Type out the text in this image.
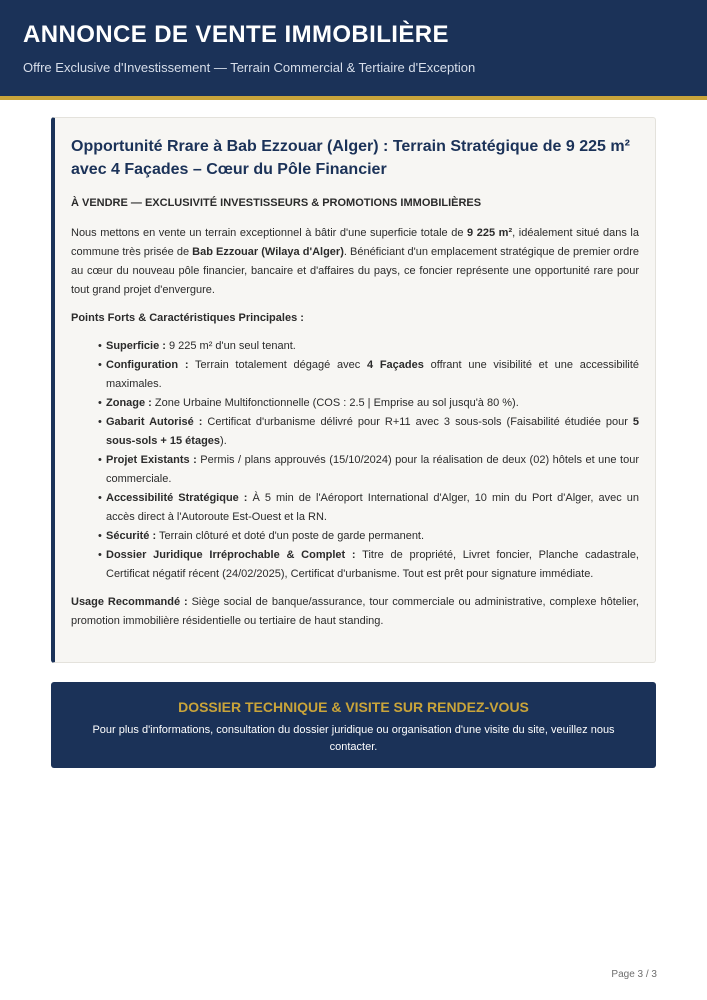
ANNONCE DE VENTE IMMOBILIÈRE
Offre Exclusive d'Investissement — Terrain Commercial & Tertiaire d'Exception
Opportunité Rrare à Bab Ezzouar (Alger) : Terrain Stratégique de 9 225 m² avec 4 Façades – Cœur du Pôle Financier
À VENDRE — EXCLUSIVITÉ INVESTISSEURS & PROMOTIONS IMMOBILIÈRES

Nous mettons en vente un terrain exceptionnel à bâtir d'une superficie totale de 9 225 m², idéalement situé dans la commune très prisée de Bab Ezzouar (Wilaya d'Alger). Bénéficiant d'un emplacement stratégique de premier ordre au cœur du nouveau pôle financier, bancaire et d'affaires du pays, ce foncier représente une opportunité rare pour tout grand projet d'envergure.

Points Forts & Caractéristiques Principales :
• Superficie : 9 225 m² d'un seul tenant.
• Configuration : Terrain totalement dégagé avec 4 Façades offrant une visibilité et une accessibilité maximales.
• Zonage : Zone Urbaine Multifonctionnelle (COS : 2.5 | Emprise au sol jusqu'à 80 %).
• Gabarit Autorisé : Certificat d'urbanisme délivré pour R+11 avec 3 sous-sols (Faisabilité étudiée pour 5 sous-sols + 15 étages).
• Projet Existants : Permis / plans approuvés (15/10/2024) pour la réalisation de deux (02) hôtels et une tour commerciale.
• Accessibilité Stratégique : À 5 min de l'Aéroport International d'Alger, 10 min du Port d'Alger, avec un accès direct à l'Autoroute Est-Ouest et la RN.
• Sécurité : Terrain clôturé et doté d'un poste de garde permanent.
• Dossier Juridique Irréprochable & Complet : Titre de propriété, Livret foncier, Planche cadastrale, Certificat négatif récent (24/02/2025), Certificat d'urbanisme. Tout est prêt pour signature immédiate.

Usage Recommandé : Siège social de banque/assurance, tour commerciale ou administrative, complexe hôtelier, promotion immobilière résidentielle ou tertiaire de haut standing.

DOSSIER TECHNIQUE & VISITE SUR RENDEZ-VOUS
Pour plus d'informations, consultation du dossier juridique ou organisation d'une visite du site, veuillez nous contacter.
Page 3 / 3
